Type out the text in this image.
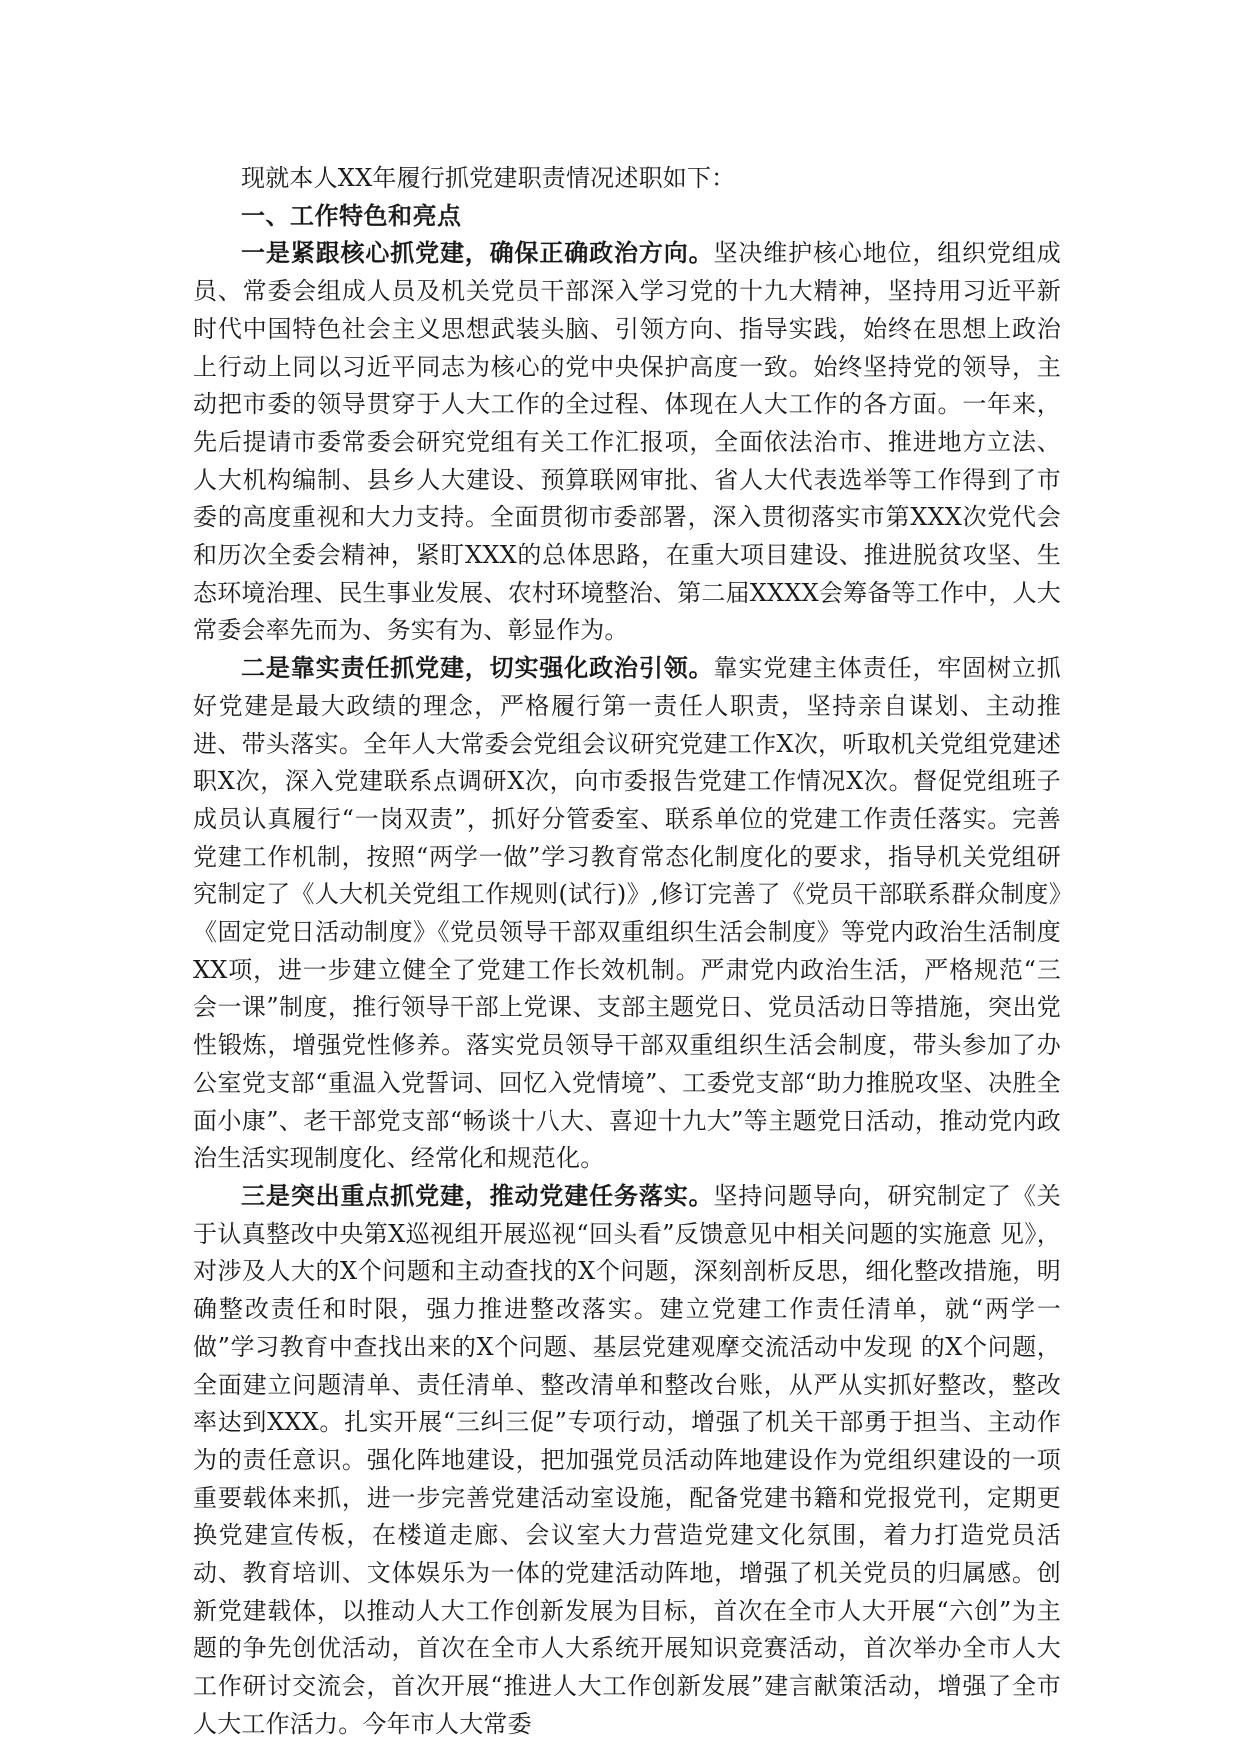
现就本人XX年履行抓党建职责情况述职如下：

一、工作特色和亮点

一是紧跟核心抓党建，确保正确政治方向。坚决维护核心地位，组织党组成员、常委会组成人员及机关党员干部深入学习党的十九大精神，坚持用习近平新时代中国特色社会主义思想武装头脑、引领方向、指导实践，始终在思想上政治上行动上同以习近平同志为核心的党中央保护高度一致。始终坚持党的领导，主动把市委的领导贯穿于人大工作的全过程、体现在人大工作的各方面。一年来，先后提请市委常委会研究党组有关工作汇报项，全面依法治市、推进地方立法、人大机构编制、县乡人大建设、预算联网审批、省人大代表选举等工作得到了市委的高度重视和大力支持。全面贯彻市委部署，深入贯彻落实市第XXX次党代会和历次全委会精神，紧盯XXX的总体思路，在重大项目建设、推进脱贫攻坚、生态环境治理、民生事业发展、农村环境整治、第二届XXXX会筹备等工作中，人大常委会率先而为、务实有为、彰显作为。

二是靠实责任抓党建，切实强化政治引领。靠实党建主体责任，牢固树立抓好党建是最大政绩的理念，严格履行第一责任人职责，坚持亲自谋划、主动推进、带头落实。全年人大常委会党组会议研究党建工作X次，听取机关党组党建述职X次，深入党建联系点调研X次，向市委报告党建工作情况X次。督促党组班子成员认真履行“一岗双责”，抓好分管委室、联系单位的党建工作责任落实。完善党建工作机制，按照“两学一做”学习教育常态化制度化的要求，指导机关党组研究制定了《人大机关党组工作规则(试行)》,修订完善了《党员干部联系群众制度》《固定党日活动制度》《党员领导干部双重组织生活会制度》等党内政治生活制度XX项，进一步建立健全了党建工作长效机制。严肃党内政治生活，严格规范“三会一课”制度，推行领导干部上党课、支部主题党日、党员活动日等措施，突出党性锻炼，增强党性修养。落实党员领导干部双重组织生活会制度，带头参加了办公室党支部“重温入党誓词、回忆入党情境”、工委党支部“助力推脱攻坚、决胜全面小康”、老干部党支部“畅谈十八大、喜迎十九大”等主题党日活动，推动党内政治生活实现制度化、经常化和规范化。

三是突出重点抓党建，推动党建任务落实。坚持问题导向，研究制定了《关于认真整改中央第X巡视组开展巡视“回头看”反馈意见中相关问题的实施意 见》，对涉及人大的X个问题和主动查找的X个问题，深刻剖析反思，细化整改措施，明确整改责任和时限，强力推进整改落实。建立党建工作责任清单，就“两学一做”学习教育中查找出来的X个问题、基层党建观摩交流活动中发现 的X个问题，全面建立问题清单、责任清单、整改清单和整改台账，从严从实抓好整改，整改率达到XXX。扎实开展“三纠三促”专项行动，增强了机关干部勇于担当、主动作为的责任意识。强化阵地建设，把加强党员活动阵地建设作为党组织建设的一项重要载体来抓，进一步完善党建活动室设施，配备党建书籍和党报党刊，定期更换党建宣传板，在楼道走廊、会议室大力营造党建文化氛围，着力打造党员活动、教育培训、文体娱乐为一体的党建活动阵地，增强了机关党员的归属感。创新党建载体，以推动人大工作创新发展为目标，首次在全市人大开展“六创”为主题的争先创优活动，首次在全市人大系统开展知识竞赛活动，首次举办全市人大工作研讨交流会，首次开展“推进人大工作创新发展”建言献策活动，增强了全市人大工作活力。今年市人大常委
